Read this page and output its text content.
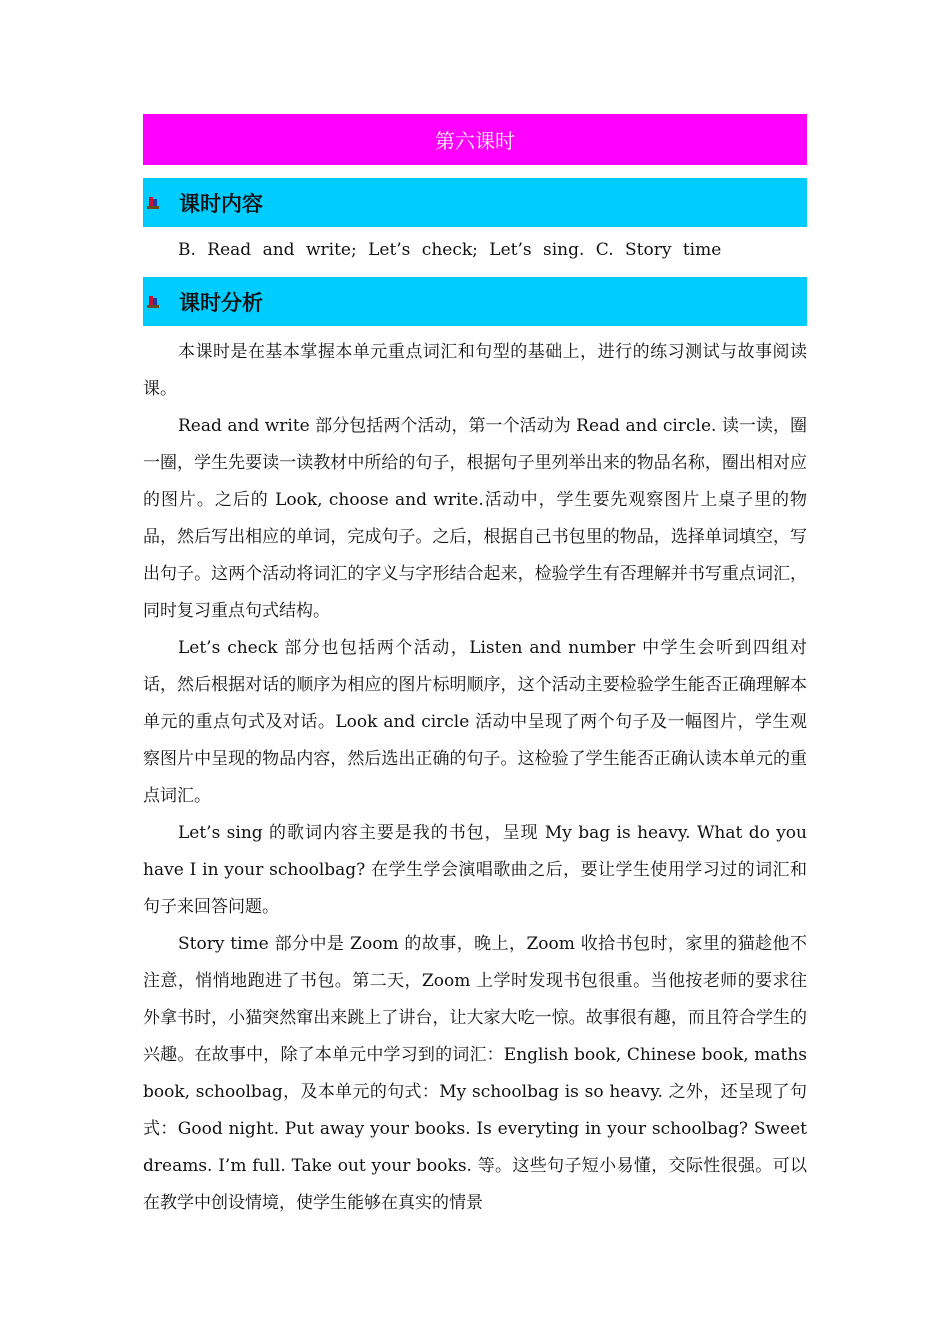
第六课时
课时内容
B. Read and write; Let’s check; Let’s sing. C. Story time
课时分析

本课时是在基本掌握本单元重点词汇和句型的基础上，进行的练习测试与故事阅读课。

Read and write 部分包括两个活动，第一个活动为 Read and circle. 读一读，圈一圈，学生先要读一读教材中所给的句子，根据句子里列举出来的物品名称，圈出相对应的图片。之后的 Look, choose and write.活动中，学生要先观察图片上桌子里的物品，然后写出相应的单词，完成句子。之后，根据自己书包里的物品，选择单词填空，写出句子。这两个活动将词汇的字义与字形结合起来，检验学生有否理解并书写重点词汇，同时复习重点句式结构。

Let’s check 部分也包括两个活动，Listen and number 中学生会听到四组对话，然后根据对话的顺序为相应的图片标明顺序，这个活动主要检验学生能否正确理解本单元的重点句式及对话。Look and circle 活动中呈现了两个句子及一幅图片，学生观察图片中呈现的物品内容，然后选出正确的句子。这检验了学生能否正确认读本单元的重点词汇。

Let’s sing 的歌词内容主要是我的书包，呈现 My bag is heavy. What do you have I in your schoolbag? 在学生学会演唱歌曲之后，要让学生使用学习过的词汇和句子来回答问题。

Story time 部分中是 Zoom 的故事，晚上，Zoom 收拾书包时，家里的猫趁他不注意，悄悄地跑进了书包。第二天，Zoom 上学时发现书包很重。当他按老师的要求往外拿书时，小猫突然窜出来跳上了讲台，让大家大吃一惊。故事很有趣，而且符合学生的兴趣。在故事中，除了本单元中学习到的词汇：English book, Chinese book, maths book, schoolbag，及本单元的句式：My schoolbag is so heavy. 之外，还呈现了句式：Good night. Put away your books. Is everyting in your schoolbag? Sweet dreams. I’m full. Take out your books. 等。这些句子短小易懂，交际性很强。可以在教学中创设情境，使学生能够在真实的情景
